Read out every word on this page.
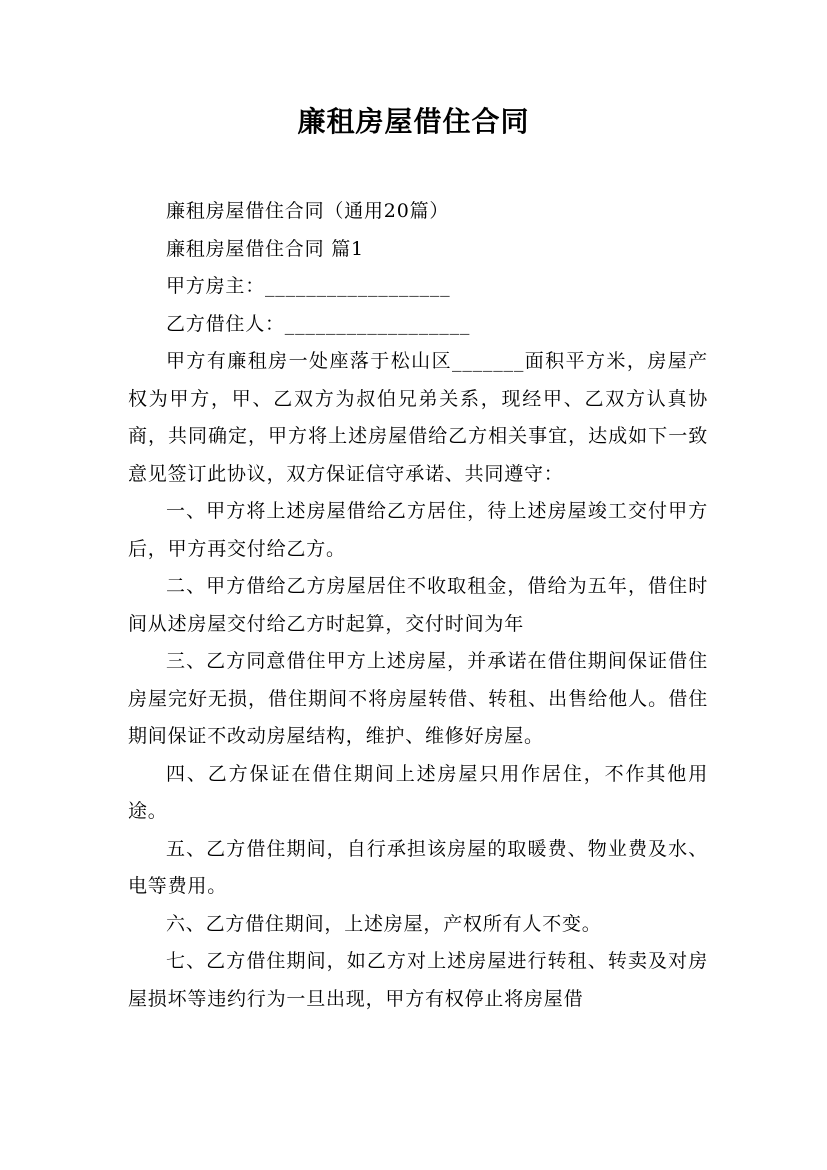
廉租房屋借住合同

廉租房屋借住合同（通用20篇）

廉租房屋借住合同 篇1

甲方房主：__________________

乙方借住人：__________________

甲方有廉租房一处座落于松山区_______面积平方米，房屋产权为甲方，甲、乙双方为叔伯兄弟关系，现经甲、乙双方认真协商，共同确定，甲方将上述房屋借给乙方相关事宜，达成如下一致意见签订此协议，双方保证信守承诺、共同遵守：

一、甲方将上述房屋借给乙方居住，待上述房屋竣工交付甲方后，甲方再交付给乙方。

二、甲方借给乙方房屋居住不收取租金，借给为五年，借住时间从述房屋交付给乙方时起算，交付时间为年

三、乙方同意借住甲方上述房屋，并承诺在借住期间保证借住房屋完好无损，借住期间不将房屋转借、转租、出售给他人。借住期间保证不改动房屋结构，维护、维修好房屋。

四、乙方保证在借住期间上述房屋只用作居住，不作其他用途。

五、乙方借住期间，自行承担该房屋的取暖费、物业费及水、电等费用。

六、乙方借住期间，上述房屋，产权所有人不变。

七、乙方借住期间，如乙方对上述房屋进行转租、转卖及对房屋损坏等违约行为一旦出现，甲方有权停止将房屋借
